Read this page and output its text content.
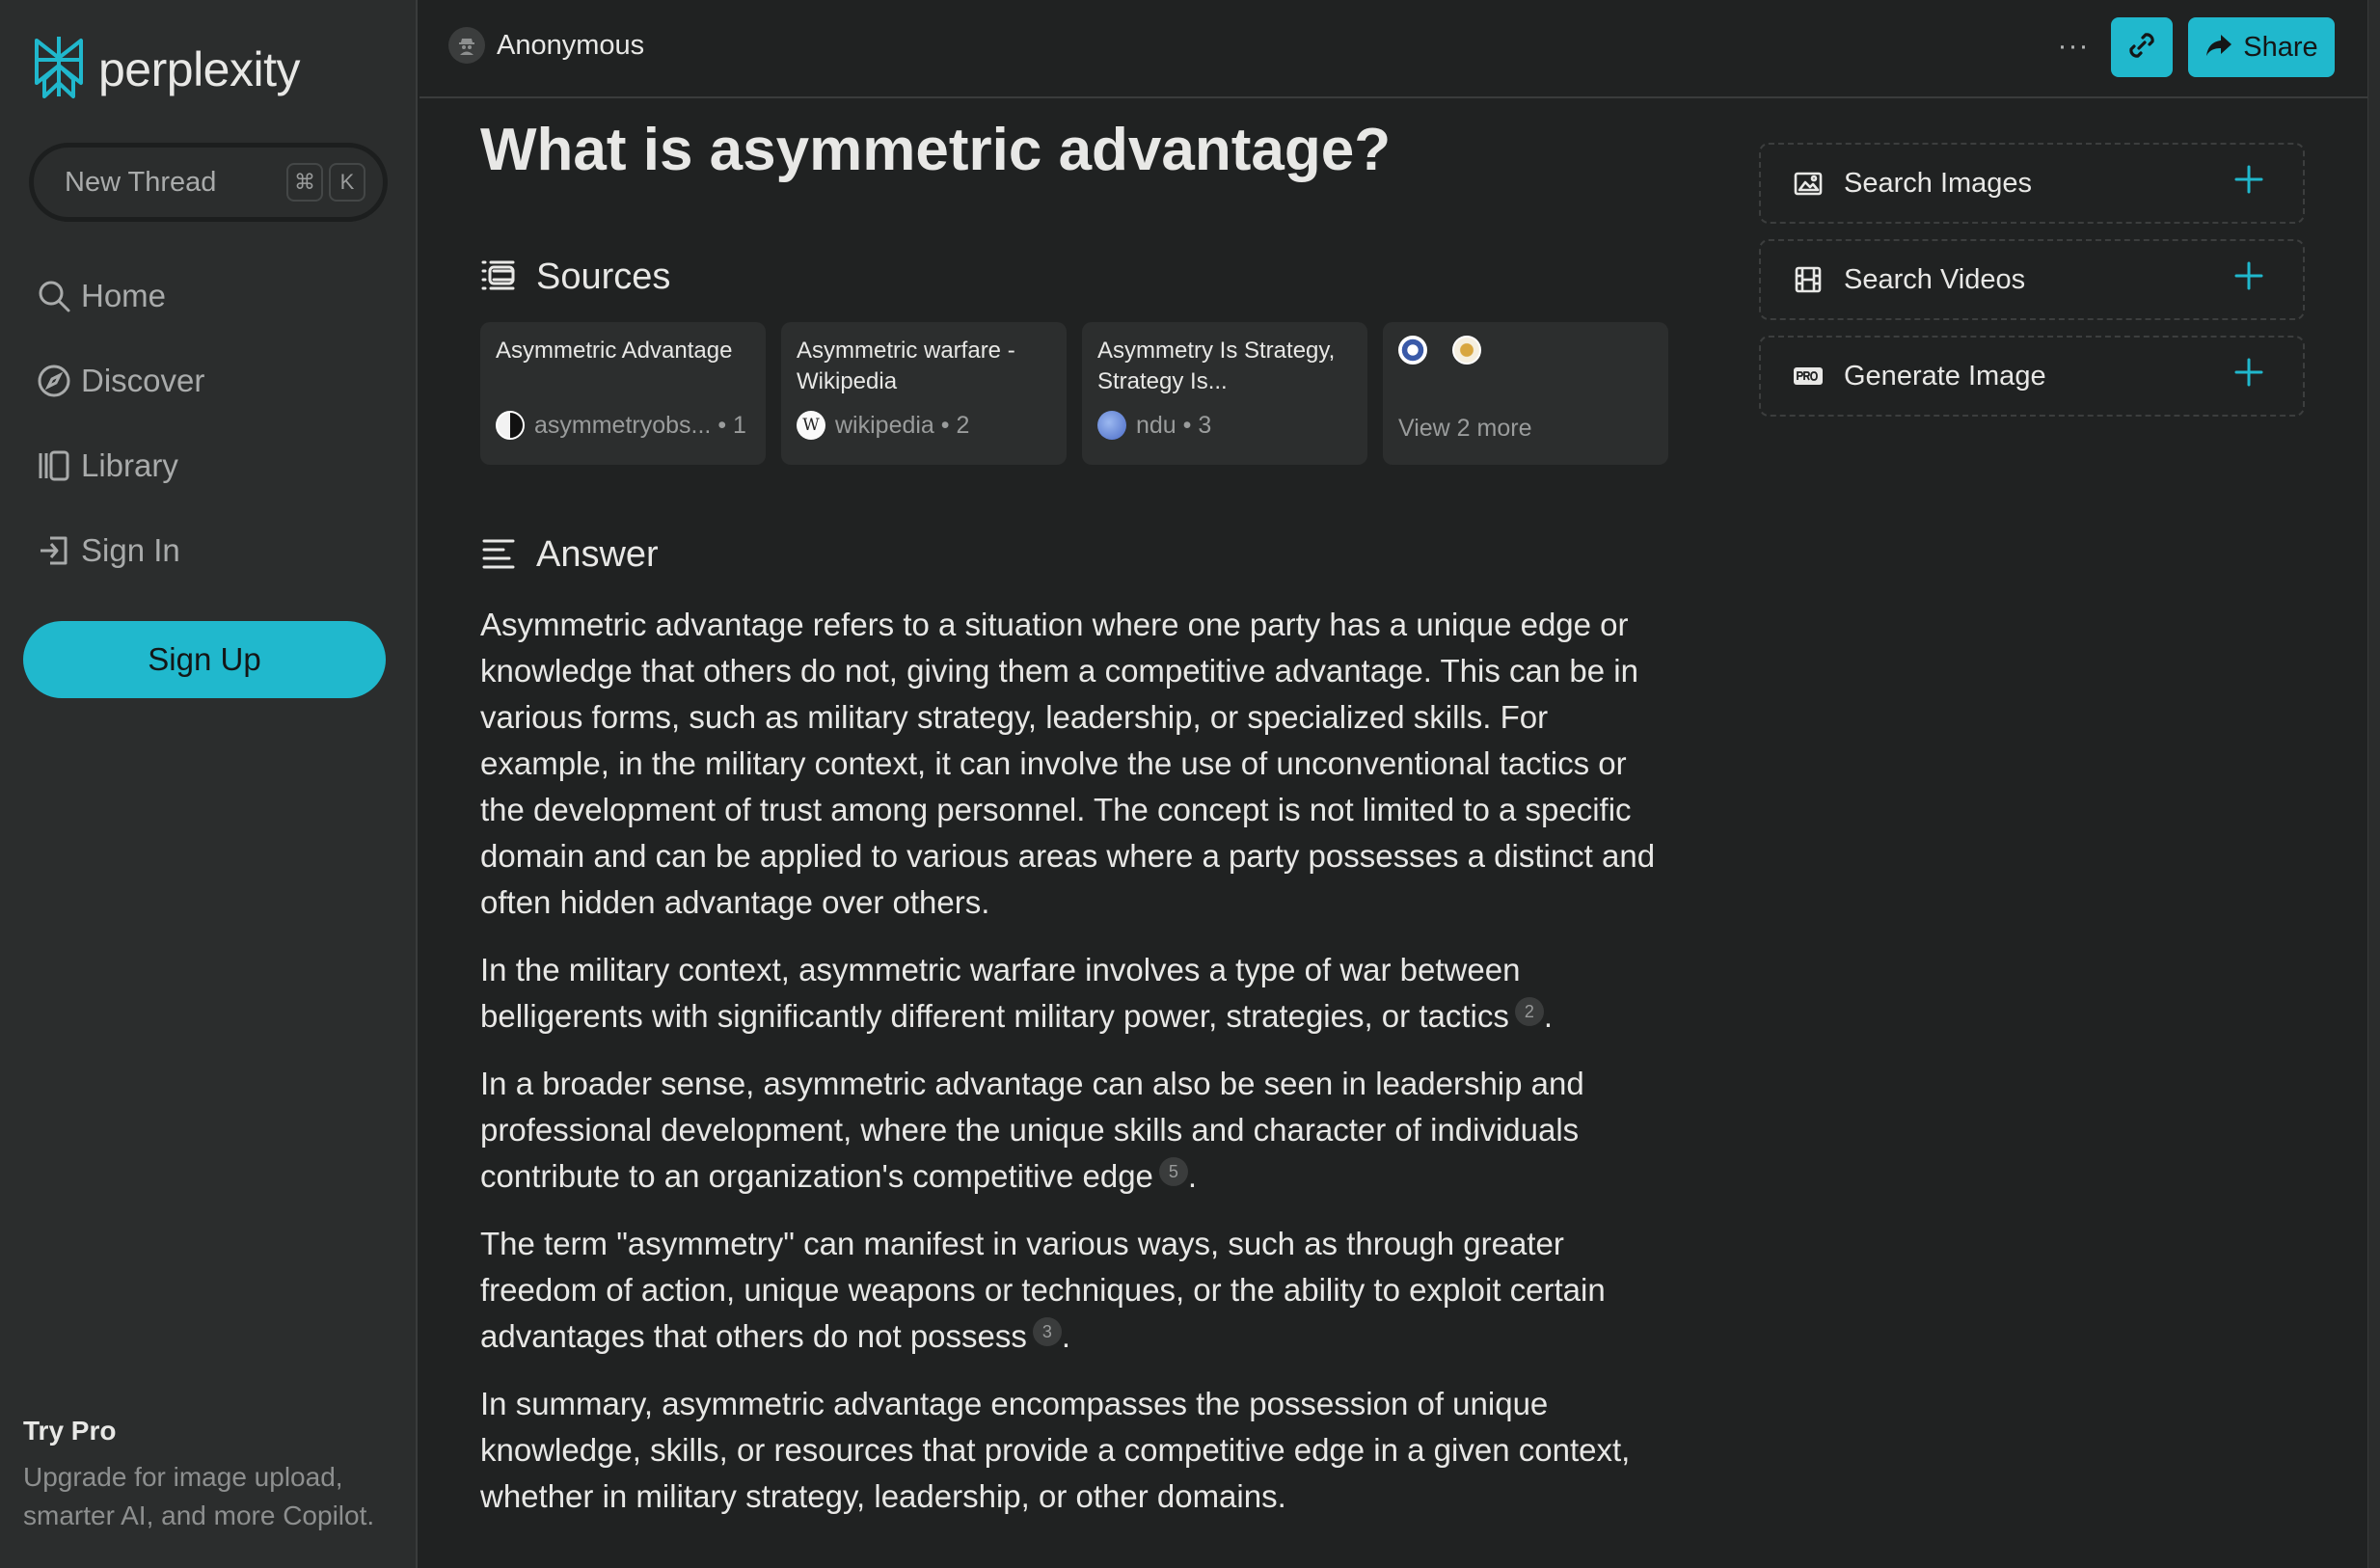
perplexity
New Thread	⌘	K
Home
Discover
Library
Sign In
Sign Up
Try Pro
Upgrade for image upload, smarter AI, and more Copilot.
Anonymous	···	Share
What is asymmetric advantage?
Sources
Asymmetric Advantage
asymmetryobs... • 1
Asymmetric warfare - Wikipedia
W wikipedia • 2
Asymmetry Is Strategy, Strategy Is...
ndu • 3	View 2 more
Answer

Asymmetric advantage refers to a situation where one party has a unique edge or knowledge that others do not, giving them a competitive advantage. This can be in various forms, such as military strategy, leadership, or specialized skills. For example, in the military context, it can involve the use of unconventional tactics or the development of trust among personnel. The concept is not limited to a specific domain and can be applied to various areas where a party possesses a distinct and often hidden advantage over others.

In the military context, asymmetric warfare involves a type of war between belligerents with significantly different military power, strategies, or tactics 2 .

In a broader sense, asymmetric advantage can also be seen in leadership and professional development, where the unique skills and character of individuals contribute to an organization's competitive edge 5 .

The term "asymmetry" can manifest in various ways, such as through greater freedom of action, unique weapons or techniques, or the ability to exploit certain advantages that others do not possess 3 .

In summary, asymmetric advantage encompasses the possession of unique knowledge, skills, or resources that provide a competitive edge in a given context, whether in military strategy, leadership, or other domains.

Search Images
Search Videos
Generate Image
